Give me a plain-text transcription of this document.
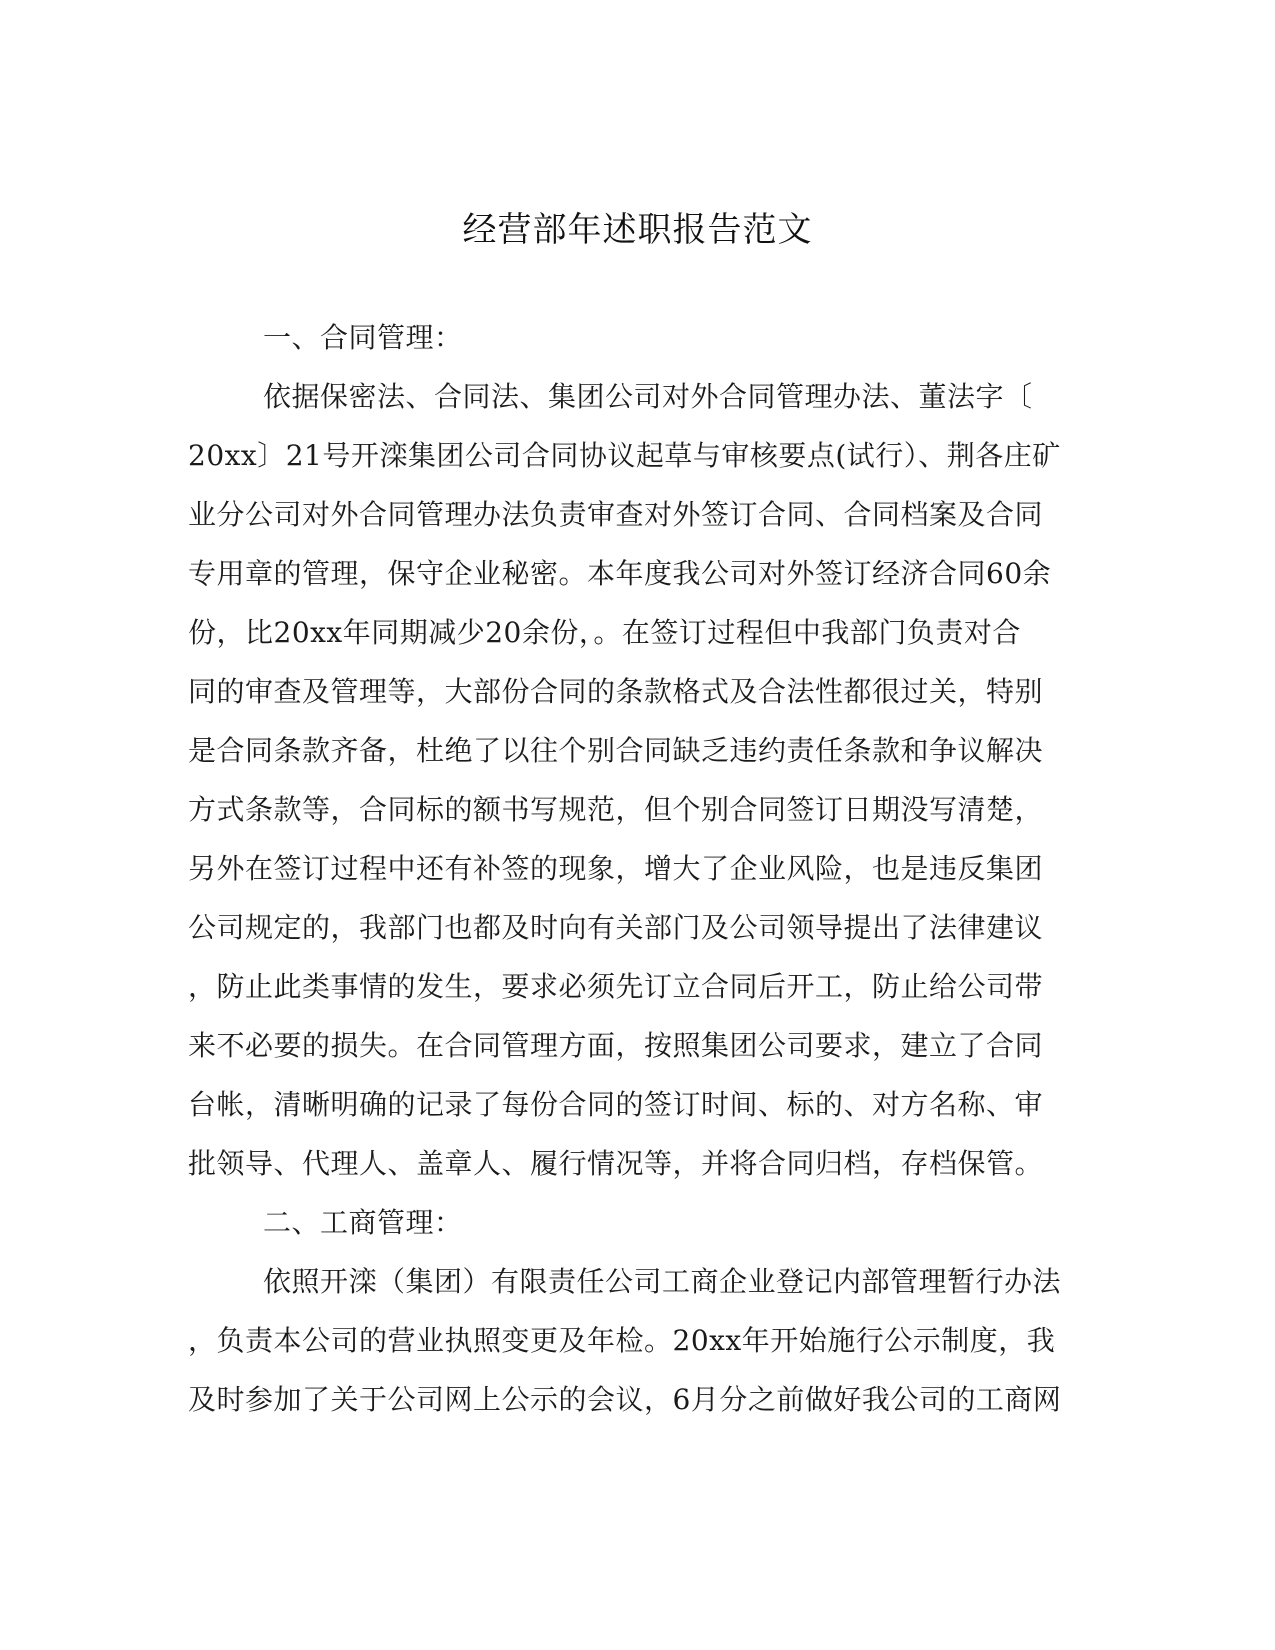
经营部年述职报告范文
一、合同管理：
依据保密法、合同法、集团公司对外合同管理办法、董法字〔
20xx〕21号开滦集团公司合同协议起草与审核要点(试行）、荆各庄矿
业分公司对外合同管理办法负责审查对外签订合同、合同档案及合同
专用章的管理，保守企业秘密。本年度我公司对外签订经济合同60余
份，比20xx年同期减少20余份，。在签订过程但中我部门负责对合
同的审查及管理等，大部份合同的条款格式及合法性都很过关，特别
是合同条款齐备，杜绝了以往个别合同缺乏违约责任条款和争议解决
方式条款等，合同标的额书写规范，但个别合同签订日期没写清楚，
另外在签订过程中还有补签的现象，增大了企业风险，也是违反集团
公司规定的，我部门也都及时向有关部门及公司领导提出了法律建议
，防止此类事情的发生，要求必须先订立合同后开工，防止给公司带
来不必要的损失。在合同管理方面，按照集团公司要求，建立了合同
台帐，清晰明确的记录了每份合同的签订时间、标的、对方名称、审
批领导、代理人、盖章人、履行情况等，并将合同归档，存档保管。
二、工商管理：
依照开滦（集团）有限责任公司工商企业登记内部管理暂行办法
，负责本公司的营业执照变更及年检。20xx年开始施行公示制度，我
及时参加了关于公司网上公示的会议，6月分之前做好我公司的工商网
